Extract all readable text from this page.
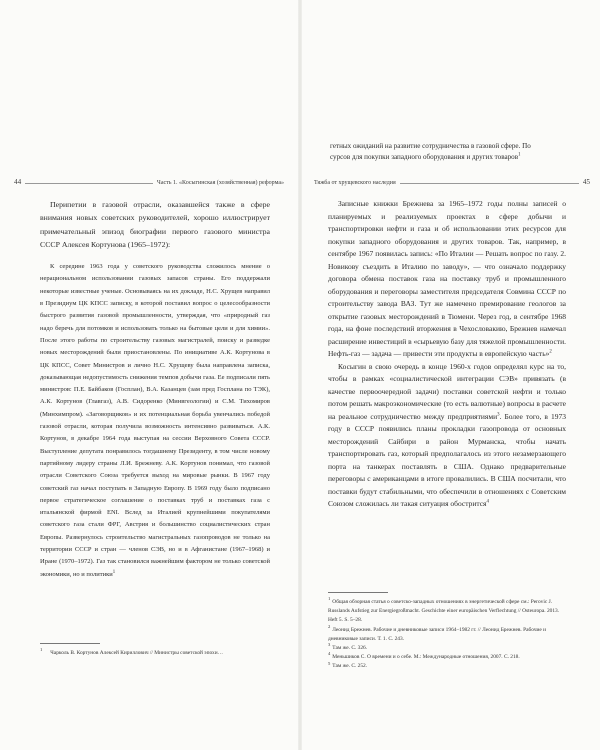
44	Часть 1. «Косыгинская (хозяйственная) реформа»

Перипетии в газовой отрасли, оказавшейся также в сфере внимания новых советских руководителей, хорошо иллюстрирует примечательный эпизод биографии первого газового министра СССР Алексея Кортунова (1965–1972):

К середине 1963 года у советского руководства сложилось мнение о нерациональном использовании газовых запасов страны. Его поддержали некоторые известные ученые. Основываясь на их докладе, Н.С. Хрущев направил в Президиум ЦК КПСС записку, в которой поставил вопрос о целесообразности быстрого развития газовой промышленности, утверждая, что «природный газ надо беречь для потомков и использовать только на бытовые цели и для химии». После этого работы по строительству газовых магистралей, поиску и разведке новых месторождений были приостановлены. По инициативе А.К. Кортунова в ЦК КПСС, Совет Министров и лично Н.С. Хрущеву была направлена записка, доказывающая недопустимость снижения темпов добычи газа. Ее подписали пять министров: П.Е. Байбаков (Госплан), В.А. Казанцев (зам пред Госплана по ТЭК), А.К. Кортунов (Главгаз), А.В. Сидоренко (Минвгеологии) и С.М. Тихомиров (Минхимпром). «Заговорщиков» и их потенциальная борьба увенчались победой газовой отрасли, которая получила возможность интенсивно развиваться. А.К. Кортунов, в декабре 1964 года выступая на сессии Верховного Совета СССР. Выступление депутата понравилось тогдашнему Президенту, в том числе новому партийному лидеру страны Л.И. Брежневу. А.К. Кортунов понимал, что газовой отрасли Советского Союза требуется выход на мировые рынки. В 1967 году советский газ начал поступать в Западную Европу. В 1969 году было подписано первое стратегическое соглашение о поставках труб и поставках газа с итальянской фирмой ENI. Вслед за Италией крупнейшими покупателями советского газа стали ФРГ, Австрия и большинство социалистических стран Европы. Развернулось строительство магистральных газопроводов не только на территории СССР и стран — членов СЭВ, но и в Афганистане (1967–1968) и Иране (1970–1972). Газ так становился важнейшим фактором не только советской экономики, но и политики$^1$

1Чарколь В. Кортунов Алексей Кириллович // Министры советской эпохи…

гетных ожиданий на развитие сотрудничества в газовой сфере. По

сурсов для покупки западного оборудования и других товаров$^1$

Тяжба от хрущевского наследия	45

Записные книжки Брежнева за 1965–1972 годы полны записей о планируемых и реализуемых проектах в сфере добычи и транспортировки нефти и газа и об использовании этих ресурсов для покупки западного оборудования и других товаров. Так, например, в сентябре 1967 появилась запись: «По Италии — Решать вопрос по газу. 2. Новикову съездить в Италию по заводу», — что означало поддержку договора обмена поставок газа на поставку труб и промышленного оборудования и переговоры заместителя председателя Совмина СССР по строительству завода ВАЗ. Тут же намечено премирование геологов за открытие газовых месторождений в Тюмени. Через год, в сентябре 1968 года, на фоне последствий вторжения в Чехословакию, Брежнев намечал расширение инвестиций в «сырьевую базу для тяжелой промышленности. Нефть-газ — задача — привести эти продукты в европейскую часть»$^2$

Косыгин в свою очередь в конце 1960-х годов определял курс на то, чтобы в рамках «социалистической интеграции СЭВ» привязать (в качестве первоочередной задачи) поставки советской нефти и только потом решать макроэкономические (то есть валютные) вопросы в расчете на реальное сотрудничество между предприятиями$^3$. Более того, в 1973 году в СССР появились планы прокладки газопровода от основных месторождений Сайбири в район Мурманска, чтобы начать транспортировать газ, который предполагалось из этого незамерзающего порта на танкерах поставлять в США. Однако предварительные переговоры с американцами в итоге провалились. В США посчитали, что поставки будут стабильными, что обеспечили в отношениях с Советским Союзом сложилась ли такая ситуация обострится$^4$

1Общая обзорная статья о советско-западных отношениях в энергетической сфере см.: Perovic J. Russlands Aufstieg zur Energiegroßmacht. Geschichte einer europäischen Verflechtung // Osteuropa. 2013. Heft 5. S. 5–28.

2Леонид Брежнев. Рабочие и дневниковые записи 1964–1982 гг. // Леонид Брежнев. Рабочие и дневниковые записи. Т. 1. С. 243.

3Там же. С. 326.

4Меньшиков С. О времени и о себе. М.: Международные отношения, 2007. С. 218.

5Там же. С. 252.
